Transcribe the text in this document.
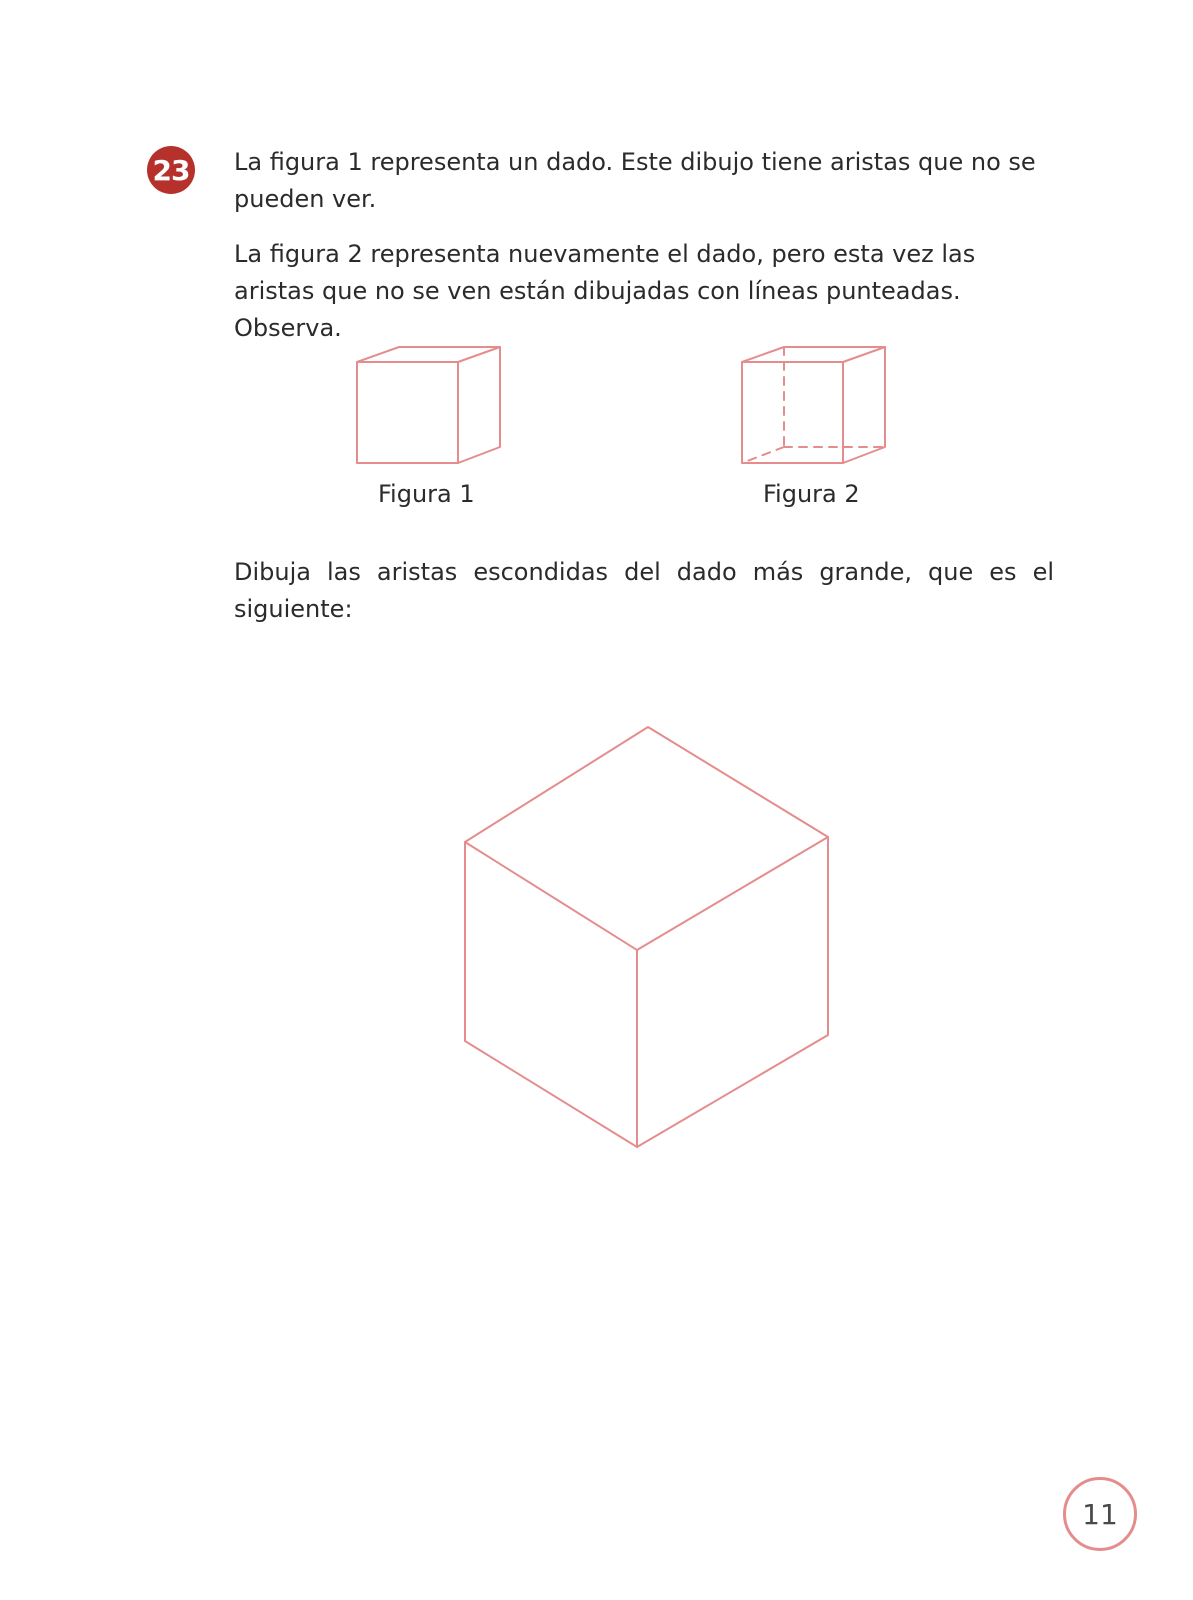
23 La figura 1 representa un dado. Este dibujo tiene aristas que no se pueden ver.

La figura 2 representa nuevamente el dado, pero esta vez las aristas que no se ven están dibujadas con líneas punteadas. Observa.

Figura 1	Figura 2

Dibuja las aristas escondidas del dado más grande, que es el siguiente:

11
